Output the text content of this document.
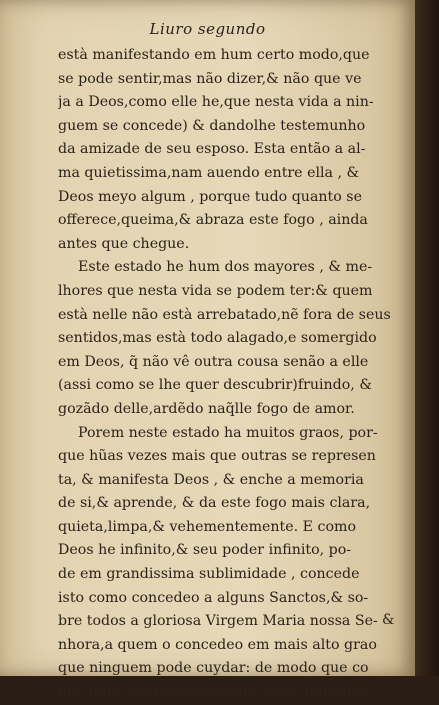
Liuro segundo
està manifestando em hum certo modo,que
se pode sentir,mas não dizer,& não que ve
ja a Deos,como elle he,que nesta vida a nin-
guem se concede) & dandolhe testemunho
da amizade de seu esposo. Esta então a al-
ma quietissima,nam auendo entre ella , &
Deos meyo algum , porque tudo quanto se
offerece,queima,& abraza este fogo , ainda
antes que chegue.
Este estado he hum dos mayores , & me-
lhores que nesta vida se podem ter:& quem
està nelle não està arrebatado,nẽ fora de seus
sentidos,mas està todo alagado,e somergido
em Deos, q̃ não vê outra cousa senão a elle
(assi como se lhe quer descubrir)fruindo, &
gozãdo delle,ardẽdo naq̃lle fogo de amor.
Porem neste estado ha muitos graos, por-
que hũas vezes mais que outras se represen
ta, & manifesta Deos , & enche a memoria
de si,& aprende, & da este fogo mais clara,
quieta,limpa,& vehementemente. E como
Deos he infinito,& seu poder infinito, po-
de em grandissima sublimidade , concede
isto como concedeo a alguns Sanctos,& so-
bre todos a gloriosa Virgem Maria nossa Se-
nhora,a quem o concedeo em mais alto grao
que ninguem pode cuydar: de modo que co
mo algũs doctores emquãto viueo dormindo
&
